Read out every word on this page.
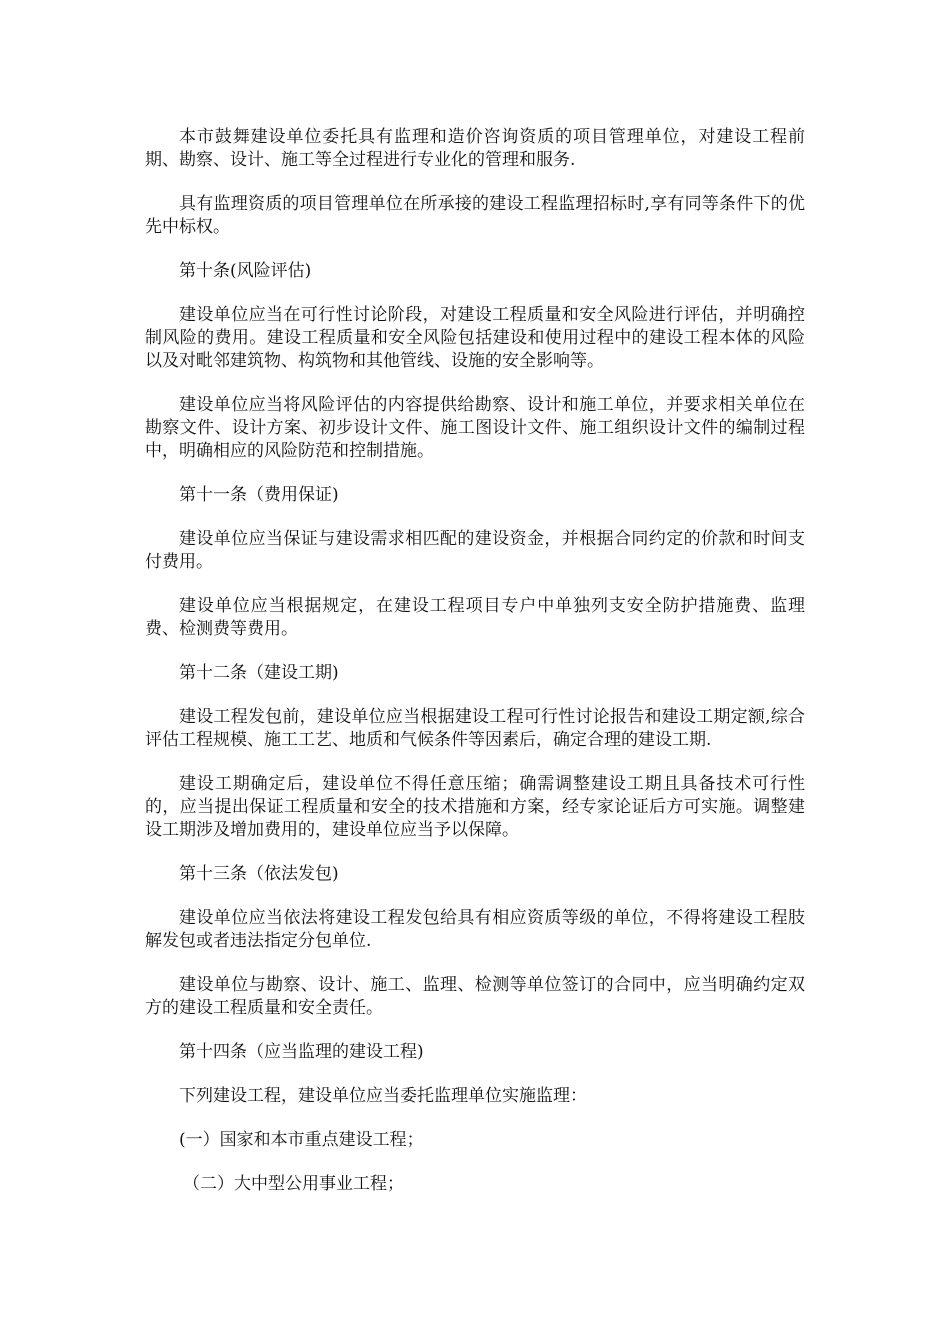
本市鼓舞建设单位委托具有监理和造价咨询资质的项目管理单位，对建设工程前期、勘察、设计、施工等全过程进行专业化的管理和服务.

具有监理资质的项目管理单位在所承接的建设工程监理招标时,享有同等条件下的优先中标权。

第十条(风险评估)

建设单位应当在可行性讨论阶段，对建设工程质量和安全风险进行评估，并明确控制风险的费用。建设工程质量和安全风险包括建设和使用过程中的建设工程本体的风险以及对毗邻建筑物、构筑物和其他管线、设施的安全影响等。

建设单位应当将风险评估的内容提供给勘察、设计和施工单位，并要求相关单位在勘察文件、设计方案、初步设计文件、施工图设计文件、施工组织设计文件的编制过程中，明确相应的风险防范和控制措施。

第十一条（费用保证)

建设单位应当保证与建设需求相匹配的建设资金，并根据合同约定的价款和时间支付费用。

建设单位应当根据规定，在建设工程项目专户中单独列支安全防护措施费、监理费、检测费等费用。

第十二条（建设工期)

建设工程发包前，建设单位应当根据建设工程可行性讨论报告和建设工期定额,综合评估工程规模、施工工艺、地质和气候条件等因素后，确定合理的建设工期.

建设工期确定后，建设单位不得任意压缩；确需调整建设工期且具备技术可行性的，应当提出保证工程质量和安全的技术措施和方案，经专家论证后方可实施。调整建设工期涉及增加费用的，建设单位应当予以保障。

第十三条（依法发包)

建设单位应当依法将建设工程发包给具有相应资质等级的单位，不得将建设工程肢解发包或者违法指定分包单位.

建设单位与勘察、设计、施工、监理、检测等单位签订的合同中，应当明确约定双方的建设工程质量和安全责任。

第十四条（应当监理的建设工程)

下列建设工程，建设单位应当委托监理单位实施监理：

(一）国家和本市重点建设工程；

（二）大中型公用事业工程；
